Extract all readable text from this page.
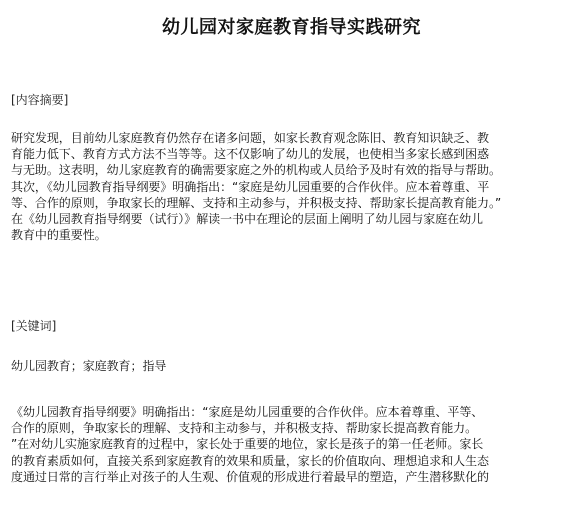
幼儿园对家庭教育指导实践研究
[内容摘要]
研究发现，目前幼儿家庭教育仍然存在诸多问题，如家长教育观念陈旧、教育知识缺乏、教
育能力低下、教育方式方法不当等等。这不仅影响了幼儿的发展，也使相当多家长感到困惑
与无助。这表明，幼儿家庭教育的确需要家庭之外的机构或人员给予及时有效的指导与帮助。
其次，《幼儿园教育指导纲要》明确指出：“家庭是幼儿园重要的合作伙伴。应本着尊重、平
等、合作的原则，争取家长的理解、支持和主动参与，并积极支持、帮助家长提高教育能力。”
在《幼儿园教育指导纲要（试行）》解读一书中在理论的层面上阐明了幼儿园与家庭在幼儿
教育中的重要性。
[关键词]
幼儿园教育；家庭教育；指导
《幼儿园教育指导纲要》明确指出：“家庭是幼儿园重要的合作伙伴。应本着尊重、平等、
合作的原则，争取家长的理解、支持和主动参与，并积极支持、帮助家长提高教育能力。
”在对幼儿实施家庭教育的过程中，家长处于重要的地位，家长是孩子的第一任老师。家长
的教育素质如何，直接关系到家庭教育的效果和质量，家长的价值取向、理想追求和人生态
度通过日常的言行举止对孩子的人生观、价值观的形成进行着最早的塑造，产生潜移默化的
